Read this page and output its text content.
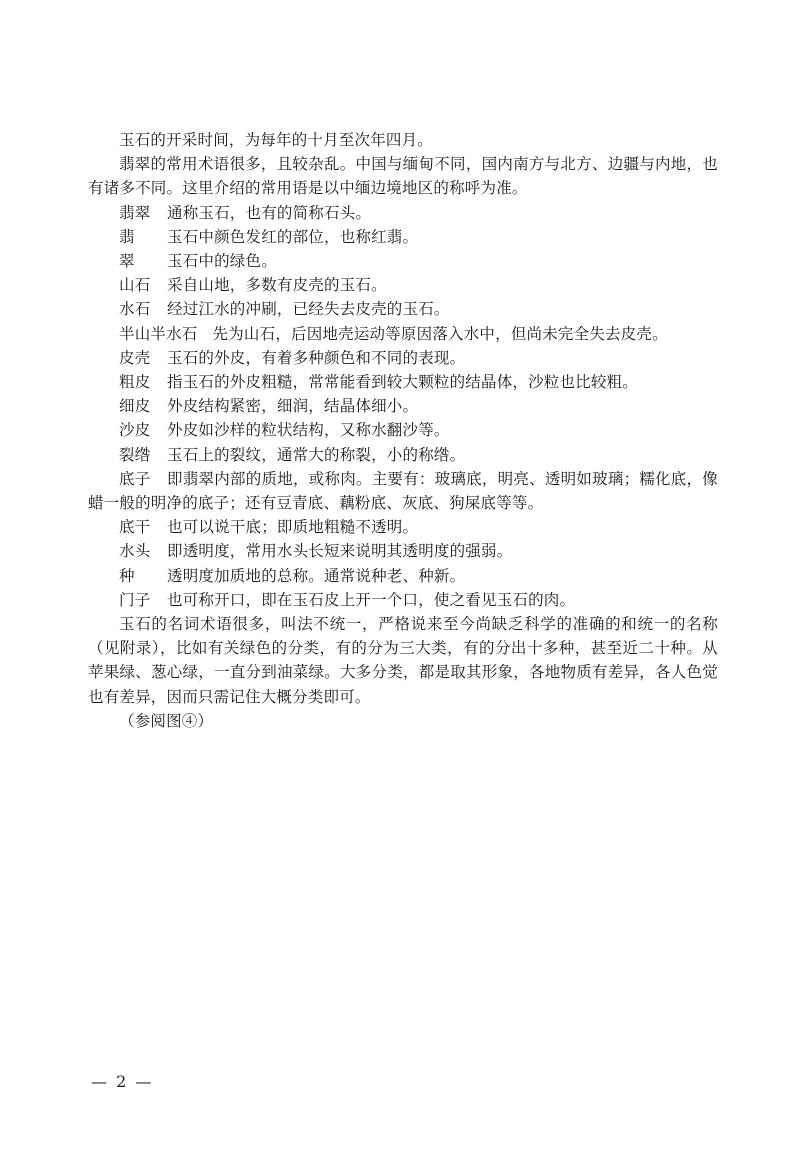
玉石的开采时间，为每年的十月至次年四月。

翡翠的常用术语很多，且较杂乱。中国与缅甸不同，国内南方与北方、边疆与内地，也有诸多不同。这里介绍的常用语是以中缅边境地区的称呼为准。

翡翠 通称玉石，也有的简称石头。

翡 玉石中颜色发红的部位，也称红翡。

翠 玉石中的绿色。

山石 采自山地，多数有皮壳的玉石。

水石 经过江水的冲刷，已经失去皮壳的玉石。

半山半水石 先为山石，后因地壳运动等原因落入水中，但尚未完全失去皮壳。

皮壳 玉石的外皮，有着多种颜色和不同的表现。

粗皮 指玉石的外皮粗糙，常常能看到较大颗粒的结晶体，沙粒也比较粗。

细皮 外皮结构紧密，细润，结晶体细小。

沙皮 外皮如沙样的粒状结构，又称水翻沙等。

裂绺 玉石上的裂纹，通常大的称裂，小的称绺。

底子 即翡翠内部的质地，或称肉。主要有：玻璃底，明亮、透明如玻璃；糯化底，像蜡一般的明净的底子；还有豆青底、藕粉底、灰底、狗屎底等等。

底干 也可以说干底；即质地粗糙不透明。

水头 即透明度，常用水头长短来说明其透明度的强弱。

种 透明度加质地的总称。通常说种老、种新。

门子 也可称开口，即在玉石皮上开一个口，使之看见玉石的肉。

玉石的名词术语很多，叫法不统一，严格说来至今尚缺乏科学的准确的和统一的名称（见附录），比如有关绿色的分类，有的分为三大类，有的分出十多种，甚至近二十种。从苹果绿、葱心绿，一直分到油菜绿。大多分类，都是取其形象，各地物质有差异，各人色觉也有差异，因而只需记住大概分类即可。

（参阅图④）

— 2 —
